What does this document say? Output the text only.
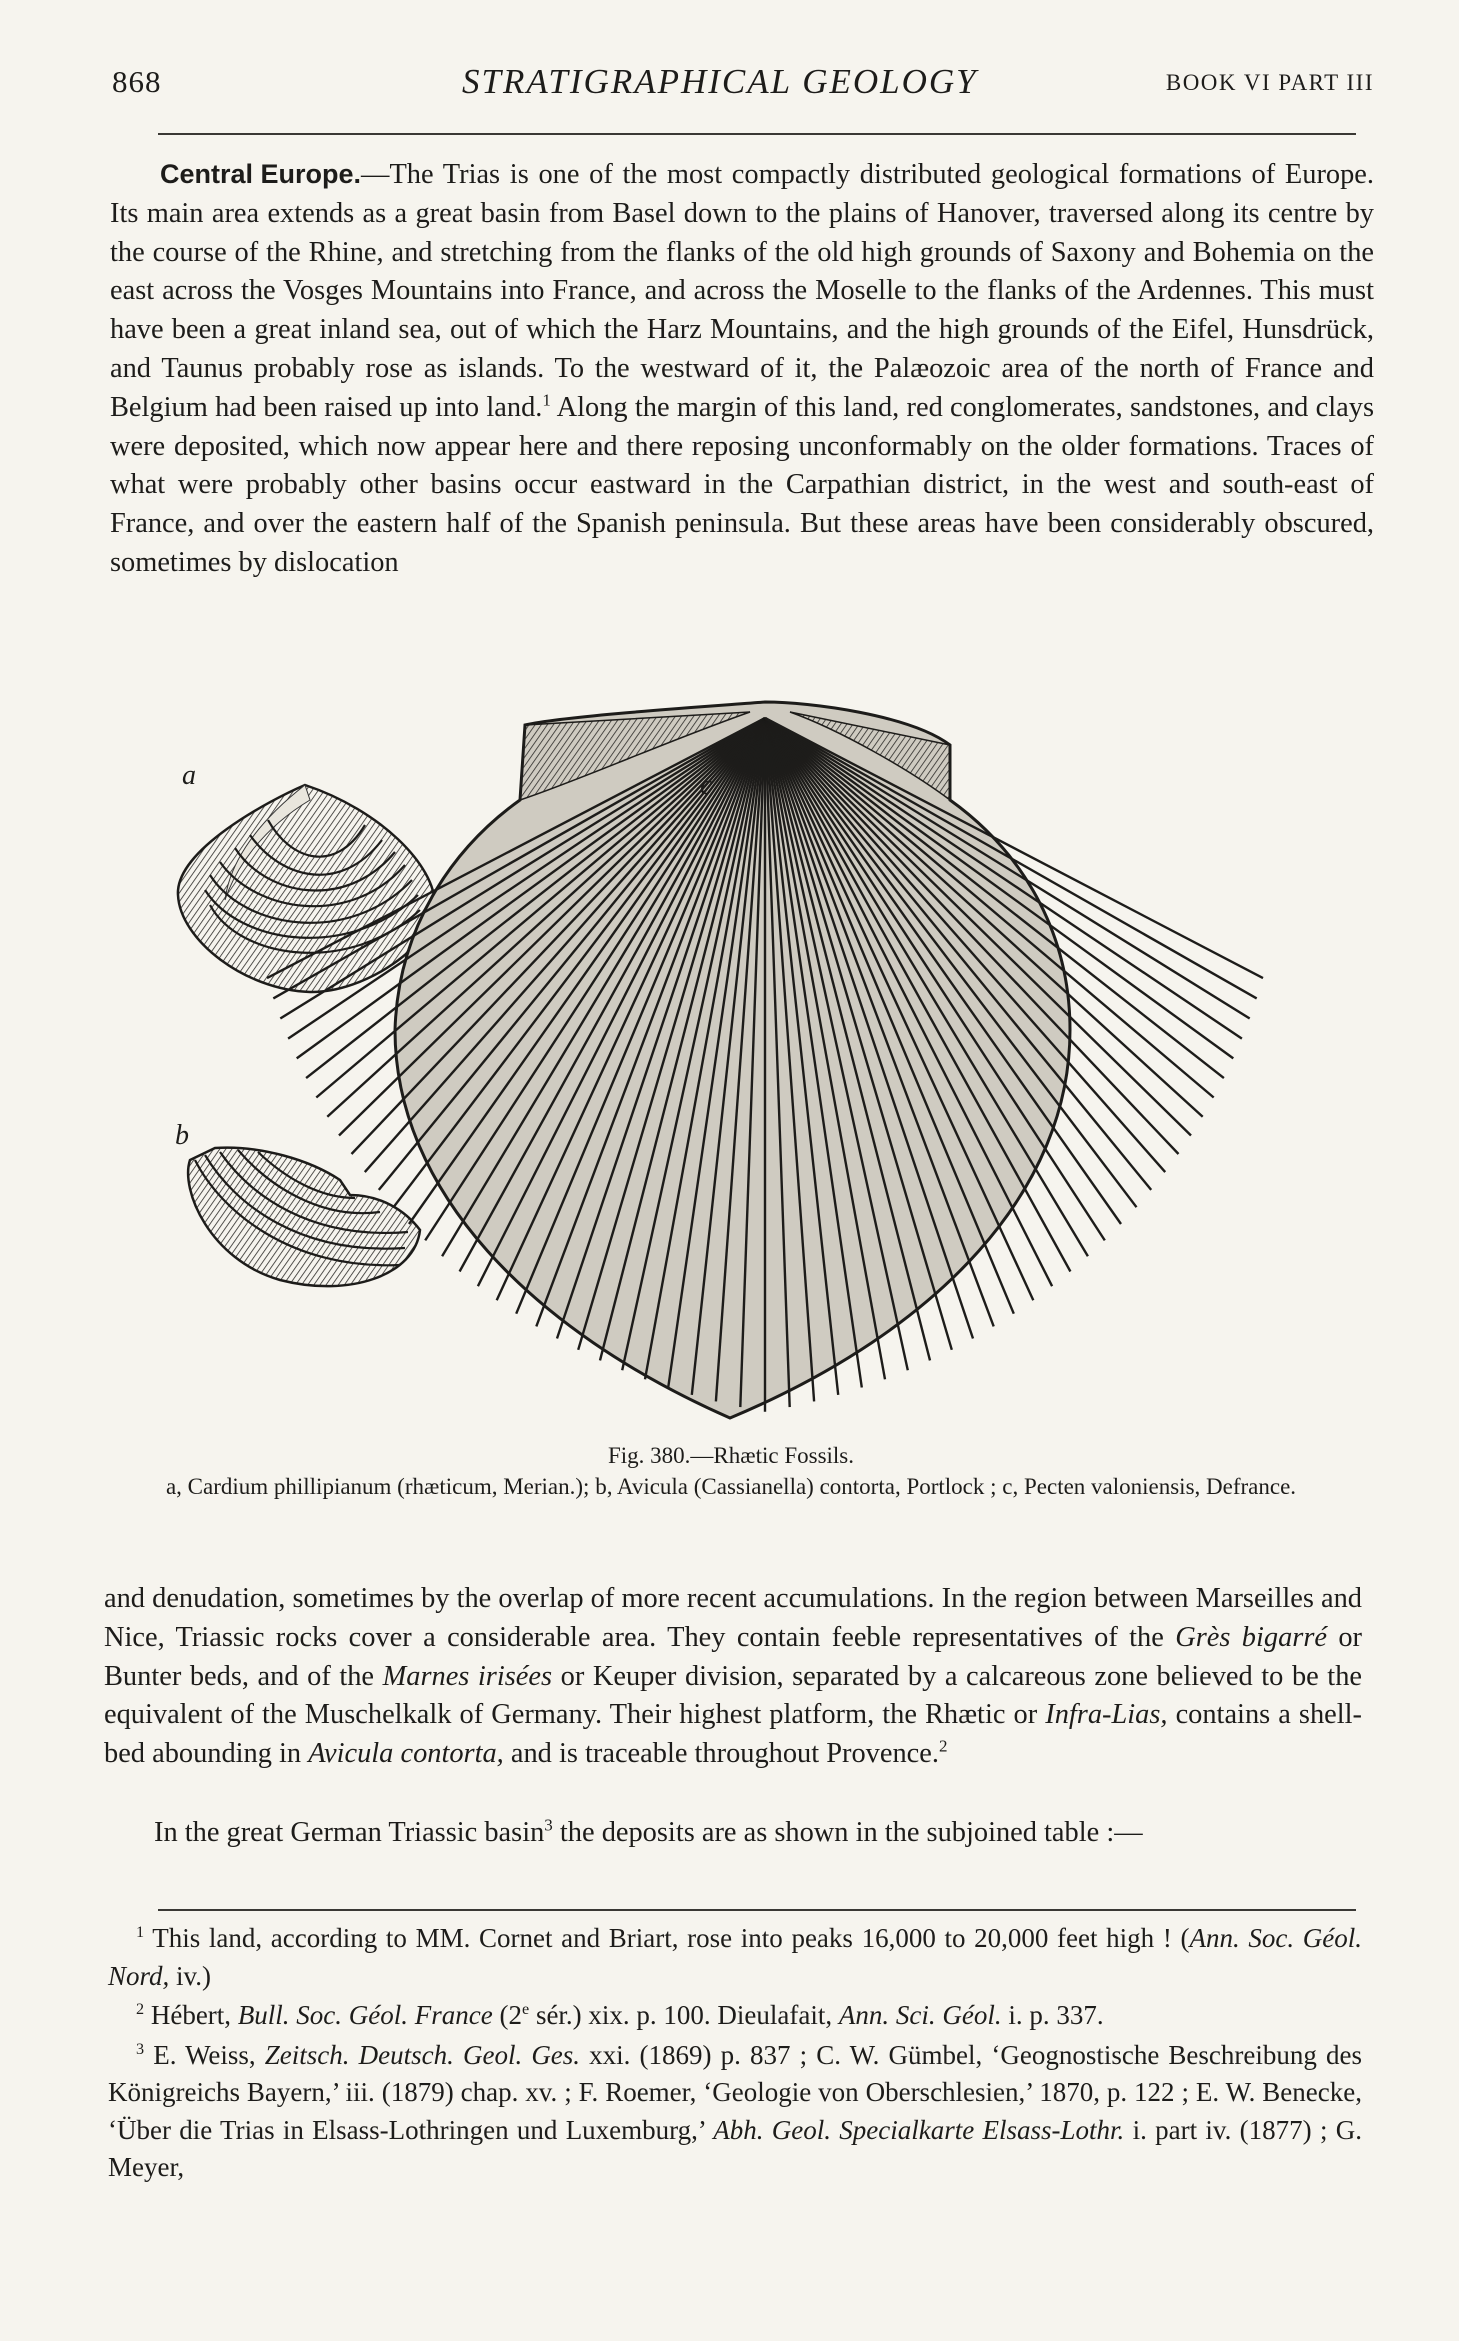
868	STRATIGRAPHICAL GEOLOGY	BOOK VI PART III
Central Europe.—The Trias is one of the most compactly distributed geological formations of Europe. Its main area extends as a great basin from Basel down to the plains of Hanover, traversed along its centre by the course of the Rhine, and stretching from the flanks of the old high grounds of Saxony and Bohemia on the east across the Vosges Mountains into France, and across the Moselle to the flanks of the Ardennes. This must have been a great inland sea, out of which the Harz Mountains, and the high grounds of the Eifel, Hunsdrück, and Taunus probably rose as islands. To the westward of it, the Palæozoic area of the north of France and Belgium had been raised up into land.$^1$ Along the margin of this land, red conglomerates, sandstones, and clays were deposited, which now appear here and there reposing unconformably on the older formations. Traces of what were probably other basins occur eastward in the Carpathian district, in the west and south-east of France, and over the eastern half of the Spanish peninsula. But these areas have been considerably obscured, sometimes by dislocation
a
b
c
Fig. 380.—Rhætic Fossils.
a, Cardium phillipianum (rhæticum, Merian.); b, Avicula (Cassianella) contorta, Portlock ; c, Pecten valoniensis, Defrance.
and denudation, sometimes by the overlap of more recent accumulations. In the region between Marseilles and Nice, Triassic rocks cover a considerable area. They contain feeble representatives of the Grès bigarré or Bunter beds, and of the Marnes irisées or Keuper division, separated by a calcareous zone believed to be the equivalent of the Muschelkalk of Germany. Their highest platform, the Rhætic or Infra-Lias, contains a shell-bed abounding in Avicula contorta, and is traceable throughout Provence.$^2$
In the great German Triassic basin$^3$ the deposits are as shown in the subjoined table :—

$^1$ This land, according to MM. Cornet and Briart, rose into peaks 16,000 to 20,000 feet high ! (Ann. Soc. Géol. Nord, iv.)

$^2$ Hébert, Bull. Soc. Géol. France (2e sér.) xix. p. 100. Dieulafait, Ann. Sci. Géol. i. p. 337.

$^3$ E. Weiss, Zeitsch. Deutsch. Geol. Ges. xxi. (1869) p. 837 ; C. W. Gümbel, ‘Geognostische Beschreibung des Königreichs Bayern,’ iii. (1879) chap. xv. ; F. Roemer, ‘Geologie von Oberschlesien,’ 1870, p. 122 ; E. W. Benecke, ‘Über die Trias in Elsass-Lothringen und Luxemburg,’ Abh. Geol. Specialkarte Elsass-Lothr. i. part iv. (1877) ; G. Meyer,
